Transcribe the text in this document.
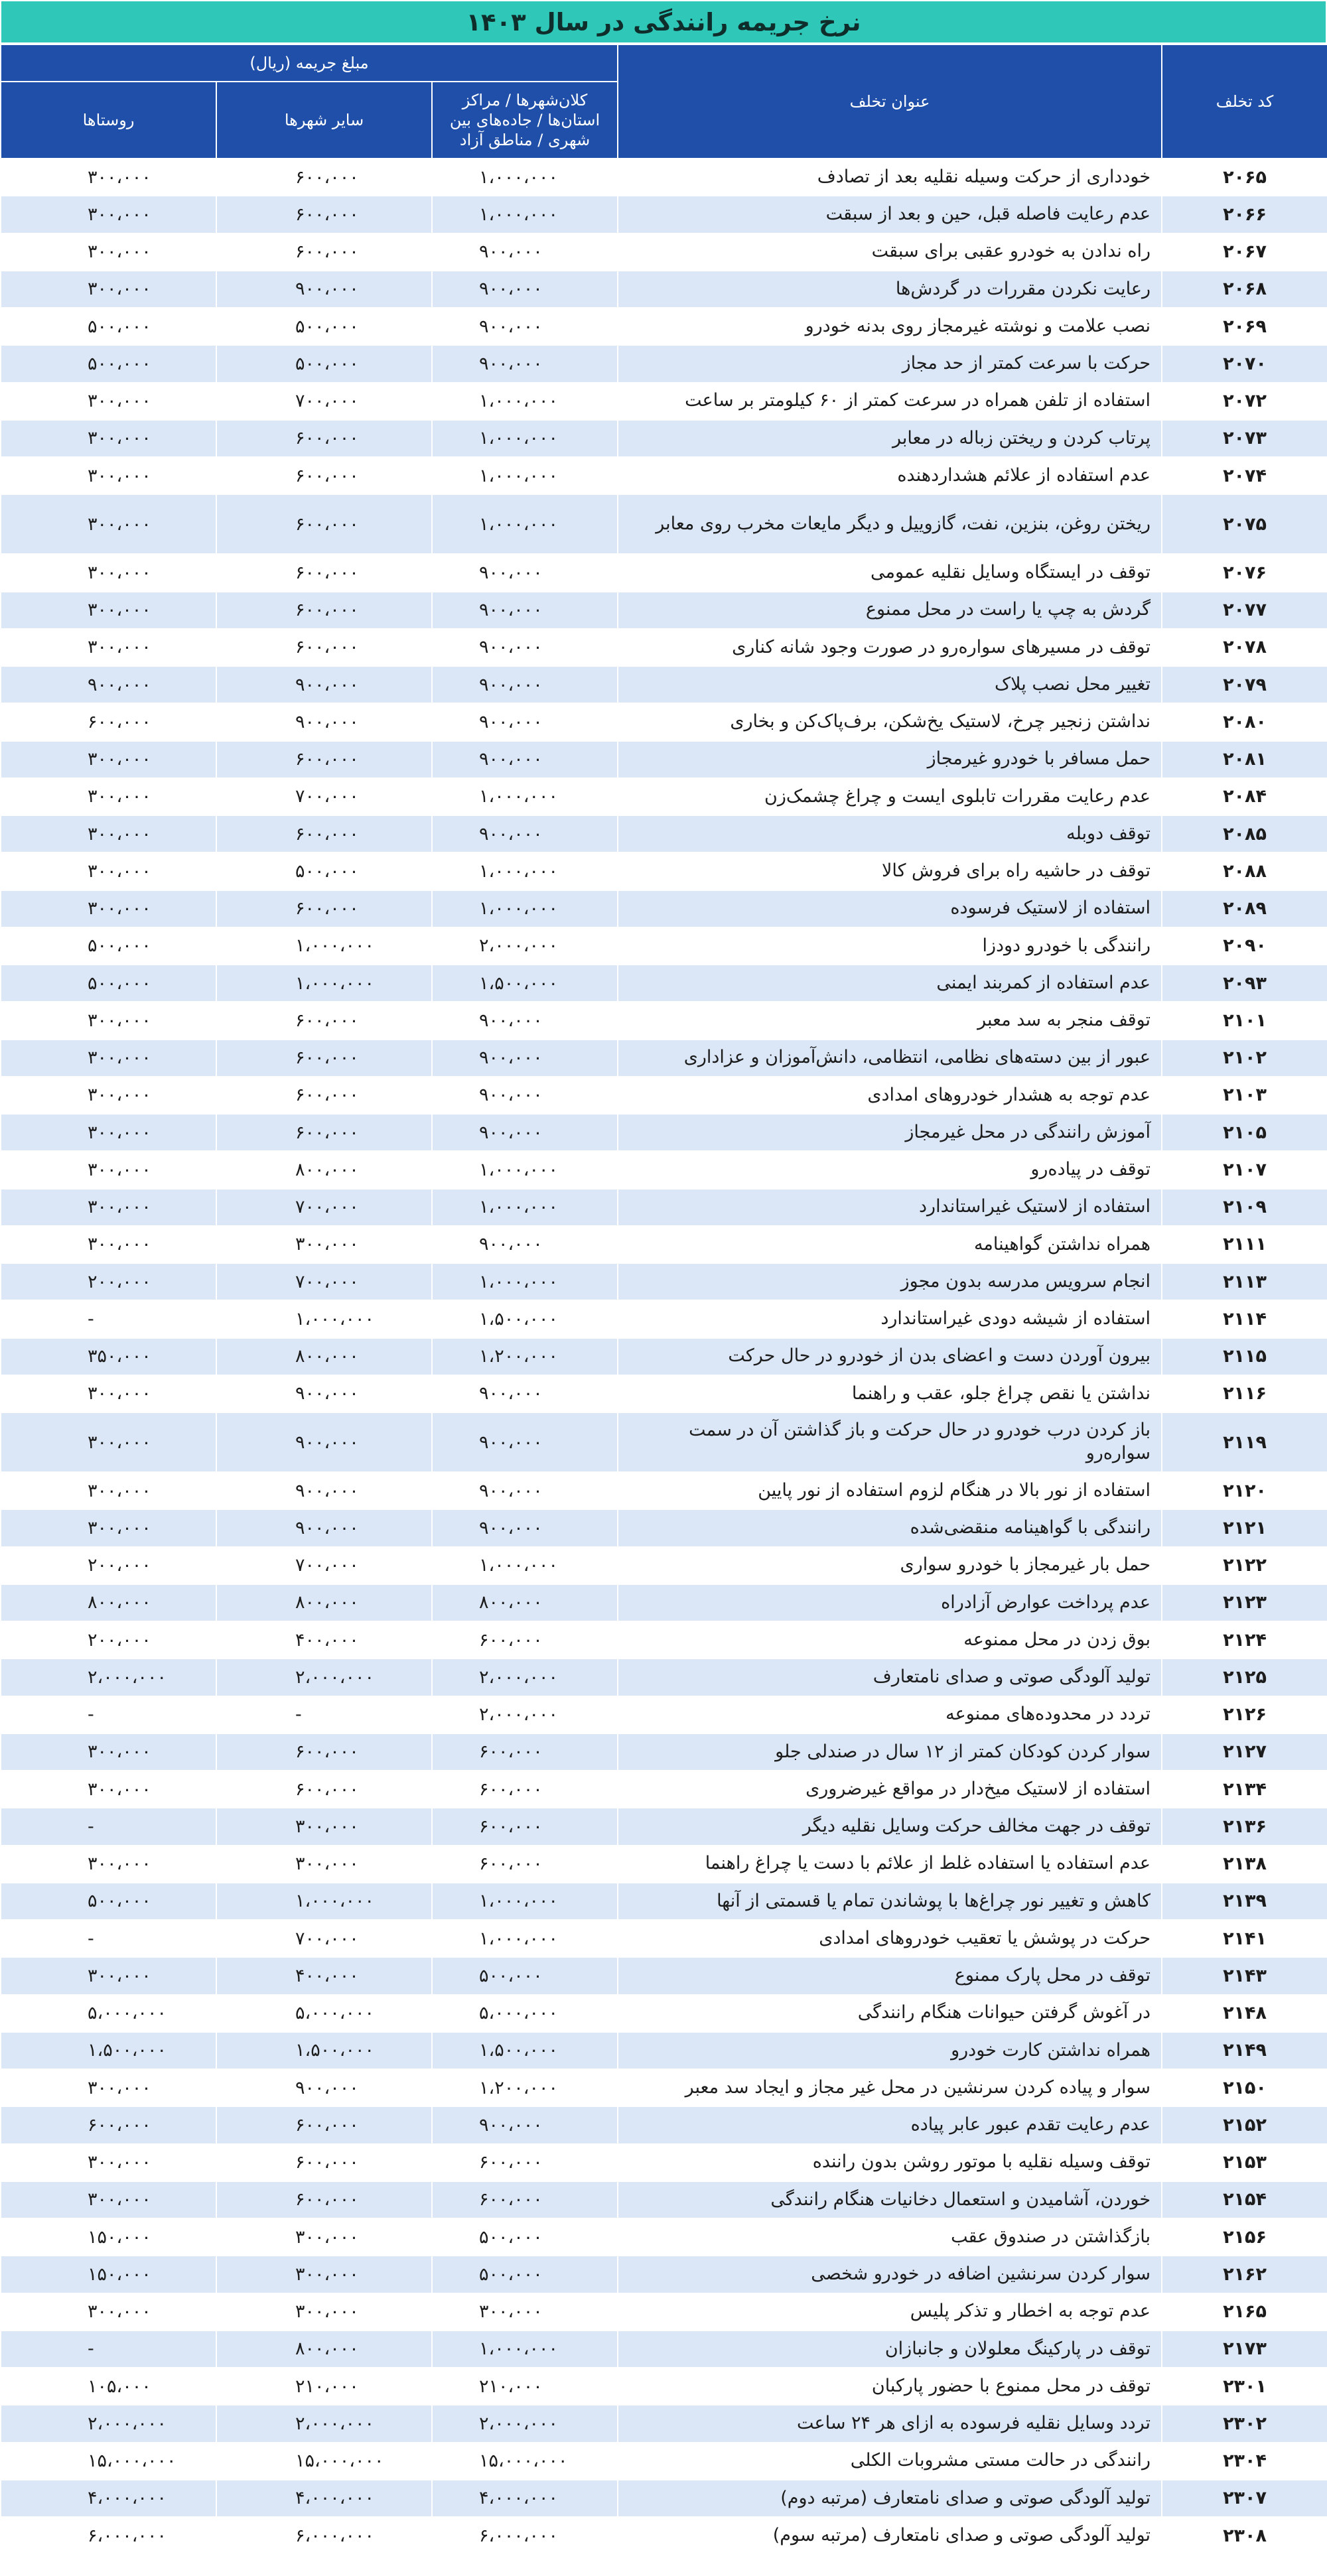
نرخ جریمه رانندگی در سال ۱۴۰۳
کد تخلف	عنوان تخلف	مبلغ جریمه (ریال)		
		کلان‌شهرها / مراکز استان‌ها / جاده‌های بین شهری / مناطق آزاد	سایر شهرها	روستاها
۲۰۶۵	خودداری از حرکت وسیله نقلیه بعد از تصادف	۱،۰۰۰،۰۰۰	۶۰۰،۰۰۰	۳۰۰،۰۰۰
۲۰۶۶	عدم رعایت فاصله قبل، حین و بعد از سبقت	۱،۰۰۰،۰۰۰	۶۰۰،۰۰۰	۳۰۰،۰۰۰
۲۰۶۷	راه ندادن به خودرو عقبی برای سبقت	۹۰۰،۰۰۰	۶۰۰،۰۰۰	۳۰۰،۰۰۰
۲۰۶۸	رعایت نکردن مقررات در گردش‌ها	۹۰۰،۰۰۰	۹۰۰،۰۰۰	۳۰۰،۰۰۰
۲۰۶۹	نصب علامت و نوشته غیرمجاز روی بدنه خودرو	۹۰۰،۰۰۰	۵۰۰،۰۰۰	۵۰۰،۰۰۰
۲۰۷۰	حرکت با سرعت کمتر از حد مجاز	۹۰۰،۰۰۰	۵۰۰،۰۰۰	۵۰۰،۰۰۰
۲۰۷۲	استفاده از تلفن همراه در سرعت کمتر از ۶۰ کیلومتر بر ساعت	۱،۰۰۰،۰۰۰	۷۰۰،۰۰۰	۳۰۰،۰۰۰
۲۰۷۳	پرتاب کردن و ریختن زباله در معابر	۱،۰۰۰،۰۰۰	۶۰۰،۰۰۰	۳۰۰،۰۰۰
۲۰۷۴	عدم استفاده از علائم هشداردهنده	۱،۰۰۰،۰۰۰	۶۰۰،۰۰۰	۳۰۰،۰۰۰
۲۰۷۵	ریختن روغن، بنزین، نفت، گازوییل و دیگر مایعات مخرب روی معابر	۱،۰۰۰،۰۰۰	۶۰۰،۰۰۰	۳۰۰،۰۰۰
۲۰۷۶	توقف در ایستگاه وسایل نقلیه عمومی	۹۰۰،۰۰۰	۶۰۰،۰۰۰	۳۰۰،۰۰۰
۲۰۷۷	گردش به چپ یا راست در محل ممنوع	۹۰۰،۰۰۰	۶۰۰،۰۰۰	۳۰۰،۰۰۰
۲۰۷۸	توقف در مسیرهای سواره‌رو در صورت وجود شانه کناری	۹۰۰،۰۰۰	۶۰۰،۰۰۰	۳۰۰،۰۰۰
۲۰۷۹	تغییر محل نصب پلاک	۹۰۰،۰۰۰	۹۰۰،۰۰۰	۹۰۰،۰۰۰
۲۰۸۰	نداشتن زنجیر چرخ، لاستیک یخ‌شکن، برف‌پاک‌کن و بخاری	۹۰۰،۰۰۰	۹۰۰،۰۰۰	۶۰۰،۰۰۰
۲۰۸۱	حمل مسافر با خودرو غیرمجاز	۹۰۰،۰۰۰	۶۰۰،۰۰۰	۳۰۰،۰۰۰
۲۰۸۴	عدم رعایت مقررات تابلوی ایست و چراغ چشمک‌زن	۱،۰۰۰،۰۰۰	۷۰۰،۰۰۰	۳۰۰،۰۰۰
۲۰۸۵	توقف دوبله	۹۰۰،۰۰۰	۶۰۰،۰۰۰	۳۰۰،۰۰۰
۲۰۸۸	توقف در حاشیه راه برای فروش کالا	۱،۰۰۰،۰۰۰	۵۰۰،۰۰۰	۳۰۰،۰۰۰
۲۰۸۹	استفاده از لاستیک فرسوده	۱،۰۰۰،۰۰۰	۶۰۰،۰۰۰	۳۰۰،۰۰۰
۲۰۹۰	رانندگی با خودرو دودزا	۲،۰۰۰،۰۰۰	۱،۰۰۰،۰۰۰	۵۰۰،۰۰۰
۲۰۹۳	عدم استفاده از کمربند ایمنی	۱،۵۰۰،۰۰۰	۱،۰۰۰،۰۰۰	۵۰۰،۰۰۰
۲۱۰۱	توقف منجر به سد معبر	۹۰۰،۰۰۰	۶۰۰،۰۰۰	۳۰۰،۰۰۰
۲۱۰۲	عبور از بین دسته‌های نظامی، انتظامی، دانش‌آموزان و عزاداری	۹۰۰،۰۰۰	۶۰۰،۰۰۰	۳۰۰،۰۰۰
۲۱۰۳	عدم توجه به هشدار خودروهای امدادی	۹۰۰،۰۰۰	۶۰۰،۰۰۰	۳۰۰،۰۰۰
۲۱۰۵	آموزش رانندگی در محل غیرمجاز	۹۰۰،۰۰۰	۶۰۰،۰۰۰	۳۰۰،۰۰۰
۲۱۰۷	توقف در پیاده‌رو	۱،۰۰۰،۰۰۰	۸۰۰،۰۰۰	۳۰۰،۰۰۰
۲۱۰۹	استفاده از لاستیک غیراستاندارد	۱،۰۰۰،۰۰۰	۷۰۰،۰۰۰	۳۰۰،۰۰۰
۲۱۱۱	همراه نداشتن گواهینامه	۹۰۰،۰۰۰	۳۰۰،۰۰۰	۳۰۰،۰۰۰
۲۱۱۳	انجام سرویس مدرسه بدون مجوز	۱،۰۰۰،۰۰۰	۷۰۰،۰۰۰	۲۰۰،۰۰۰
۲۱۱۴	استفاده از شیشه دودی غیراستاندارد	۱،۵۰۰،۰۰۰	۱،۰۰۰،۰۰۰	-
۲۱۱۵	بیرون آوردن دست و اعضای بدن از خودرو در حال حرکت	۱،۲۰۰،۰۰۰	۸۰۰،۰۰۰	۳۵۰،۰۰۰
۲۱۱۶	نداشتن یا نقص چراغ جلو، عقب و راهنما	۹۰۰،۰۰۰	۹۰۰،۰۰۰	۳۰۰،۰۰۰
۲۱۱۹	باز کردن درب خودرو در حال حرکت و باز گذاشتن آن در سمت سواره‌رو	۹۰۰،۰۰۰	۹۰۰،۰۰۰	۳۰۰،۰۰۰
۲۱۲۰	استفاده از نور بالا در هنگام لزوم استفاده از نور پایین	۹۰۰،۰۰۰	۹۰۰،۰۰۰	۳۰۰،۰۰۰
۲۱۲۱	رانندگی با گواهینامه منقضی‌شده	۹۰۰،۰۰۰	۹۰۰،۰۰۰	۳۰۰،۰۰۰
۲۱۲۲	حمل بار غیرمجاز با خودرو سواری	۱،۰۰۰،۰۰۰	۷۰۰،۰۰۰	۲۰۰،۰۰۰
۲۱۲۳	عدم پرداخت عوارض آزادراه	۸۰۰،۰۰۰	۸۰۰،۰۰۰	۸۰۰،۰۰۰
۲۱۲۴	بوق زدن در محل ممنوعه	۶۰۰،۰۰۰	۴۰۰،۰۰۰	۲۰۰،۰۰۰
۲۱۲۵	تولید آلودگی صوتی و صدای نامتعارف	۲،۰۰۰،۰۰۰	۲،۰۰۰،۰۰۰	۲،۰۰۰،۰۰۰
۲۱۲۶	تردد در محدوده‌های ممنوعه	۲،۰۰۰،۰۰۰	-	-
۲۱۲۷	سوار کردن کودکان کمتر از ۱۲ سال در صندلی جلو	۶۰۰،۰۰۰	۶۰۰،۰۰۰	۳۰۰،۰۰۰
۲۱۳۴	استفاده از لاستیک میخ‌دار در مواقع غیرضروری	۶۰۰،۰۰۰	۶۰۰،۰۰۰	۳۰۰،۰۰۰
۲۱۳۶	توقف در جهت مخالف حرکت وسایل نقلیه دیگر	۶۰۰،۰۰۰	۳۰۰،۰۰۰	-
۲۱۳۸	عدم استفاده یا استفاده غلط از علائم با دست یا چراغ راهنما	۶۰۰،۰۰۰	۳۰۰،۰۰۰	۳۰۰،۰۰۰
۲۱۳۹	کاهش و تغییر نور چراغ‌ها با پوشاندن تمام یا قسمتی از آنها	۱،۰۰۰،۰۰۰	۱،۰۰۰،۰۰۰	۵۰۰،۰۰۰
۲۱۴۱	حرکت در پوشش یا تعقیب خودروهای امدادی	۱،۰۰۰،۰۰۰	۷۰۰،۰۰۰	-
۲۱۴۳	توقف در محل پارک ممنوع	۵۰۰،۰۰۰	۴۰۰،۰۰۰	۳۰۰،۰۰۰
۲۱۴۸	در آغوش گرفتن حیوانات هنگام رانندگی	۵،۰۰۰،۰۰۰	۵،۰۰۰،۰۰۰	۵،۰۰۰،۰۰۰
۲۱۴۹	همراه نداشتن کارت خودرو	۱،۵۰۰،۰۰۰	۱،۵۰۰،۰۰۰	۱،۵۰۰،۰۰۰
۲۱۵۰	سوار و پیاده کردن سرنشین در محل غیر مجاز و ایجاد سد معبر	۱،۲۰۰،۰۰۰	۹۰۰،۰۰۰	۳۰۰،۰۰۰
۲۱۵۲	عدم رعایت تقدم عبور عابر پیاده	۹۰۰،۰۰۰	۶۰۰،۰۰۰	۶۰۰،۰۰۰
۲۱۵۳	توقف وسیله نقلیه با موتور روشن بدون راننده	۶۰۰،۰۰۰	۶۰۰،۰۰۰	۳۰۰،۰۰۰
۲۱۵۴	خوردن، آشامیدن و استعمال دخانیات هنگام رانندگی	۶۰۰،۰۰۰	۶۰۰،۰۰۰	۳۰۰،۰۰۰
۲۱۵۶	بازگذاشتن در صندوق عقب	۵۰۰،۰۰۰	۳۰۰،۰۰۰	۱۵۰،۰۰۰
۲۱۶۲	سوار کردن سرنشین اضافه در خودرو شخصی	۵۰۰،۰۰۰	۳۰۰،۰۰۰	۱۵۰،۰۰۰
۲۱۶۵	عدم توجه به اخطار و تذکر پلیس	۳۰۰،۰۰۰	۳۰۰،۰۰۰	۳۰۰،۰۰۰
۲۱۷۳	توقف در پارکینگ معلولان و جانبازان	۱،۰۰۰،۰۰۰	۸۰۰،۰۰۰	-
۲۳۰۱	توقف در محل ممنوع با حضور پارکبان	۲۱۰،۰۰۰	۲۱۰،۰۰۰	۱۰۵،۰۰۰
۲۳۰۲	تردد وسایل نقلیه فرسوده به ازای هر ۲۴ ساعت	۲،۰۰۰،۰۰۰	۲،۰۰۰،۰۰۰	۲،۰۰۰،۰۰۰
۲۳۰۴	رانندگی در حالت مستی مشروبات الکلی	۱۵،۰۰۰،۰۰۰	۱۵،۰۰۰،۰۰۰	۱۵،۰۰۰،۰۰۰
۲۳۰۷	تولید آلودگی صوتی و صدای نامتعارف (مرتبه دوم)	۴،۰۰۰،۰۰۰	۴،۰۰۰،۰۰۰	۴،۰۰۰،۰۰۰
۲۳۰۸	تولید آلودگی صوتی و صدای نامتعارف (مرتبه سوم)	۶،۰۰۰،۰۰۰	۶،۰۰۰،۰۰۰	۶،۰۰۰،۰۰۰
